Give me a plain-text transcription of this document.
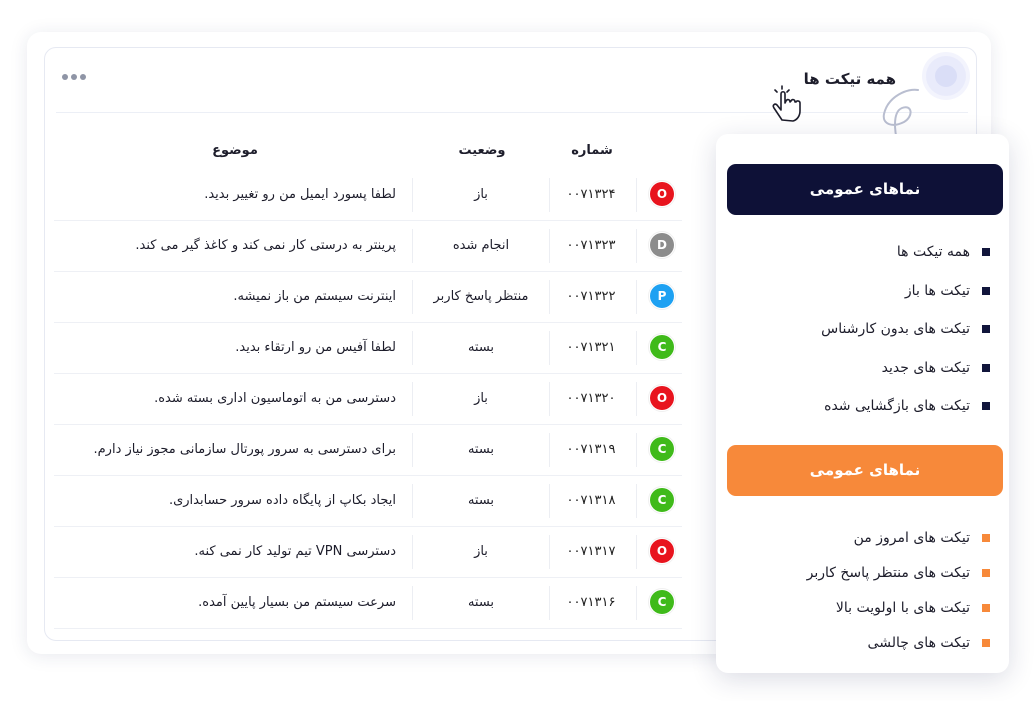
همه تیکت ها
شماره
وضعیت
موضوع
O
۰۰۷۱۳۲۴
باز
لطفا پسورد ایمیل من رو تغییر بدید.
D
۰۰۷۱۳۲۳
انجام شده
پرینتر به درستی کار نمی کند و کاغذ گیر می کند.
P
۰۰۷۱۳۲۲
منتظر پاسخ کاربر
اینترنت سیستم من باز نمیشه.
C
۰۰۷۱۳۲۱
بسته
لطفا آفیس من رو ارتقاء بدید.
O
۰۰۷۱۳۲۰
باز
دسترسی من به اتوماسیون اداری بسته شده.
C
۰۰۷۱۳۱۹
بسته
برای دسترسی به سرور پورتال سازمانی مجوز نیاز دارم.
C
۰۰۷۱۳۱۸
بسته
ایجاد بکاپ از پایگاه داده سرور حسابداری.
O
۰۰۷۱۳۱۷
باز
دسترسی VPN تیم تولید کار نمی کنه.
C
۰۰۷۱۳۱۶
بسته
سرعت سیستم من بسیار پایین آمده.
نماهای عمومی
همه تیکت ها
تیکت ها باز
تیکت های بدون کارشناس
تیکت های جدید
تیکت های بازگشایی شده
نماهای عمومی
تیکت های امروز من
تیکت های منتظر پاسخ کاربر
تیکت های با اولویت بالا
تیکت های چالشی
